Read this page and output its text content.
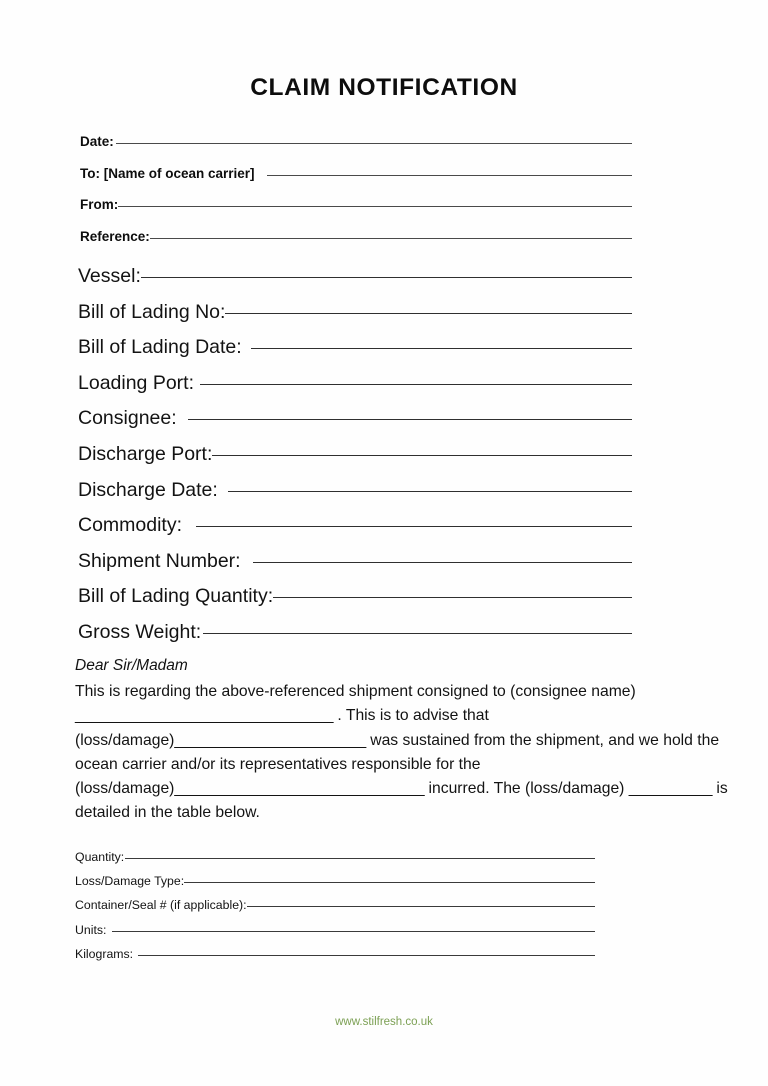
CLAIM NOTIFICATION
Date:
To: [Name of ocean carrier]
From:
Reference:
Vessel:
Bill of Lading No:
Bill of Lading Date:
Loading Port:
Consignee:
Discharge Port:
Discharge Date:
Commodity:
Shipment Number:
Bill of Lading Quantity:
Gross Weight:
Dear Sir/Madam
This is regarding the above-referenced shipment consigned to (consignee name) _______________________________ . This is to advise that (loss/damage)_______________________ was sustained from the shipment, and we hold the ocean carrier and/or its representatives responsible for the (loss/damage)______________________________ incurred. The (loss/damage) __________ is detailed in the table below.
Quantity:
Loss/Damage Type:
Container/Seal # (if applicable):
Units:
Kilograms:
www.stilfresh.co.uk
